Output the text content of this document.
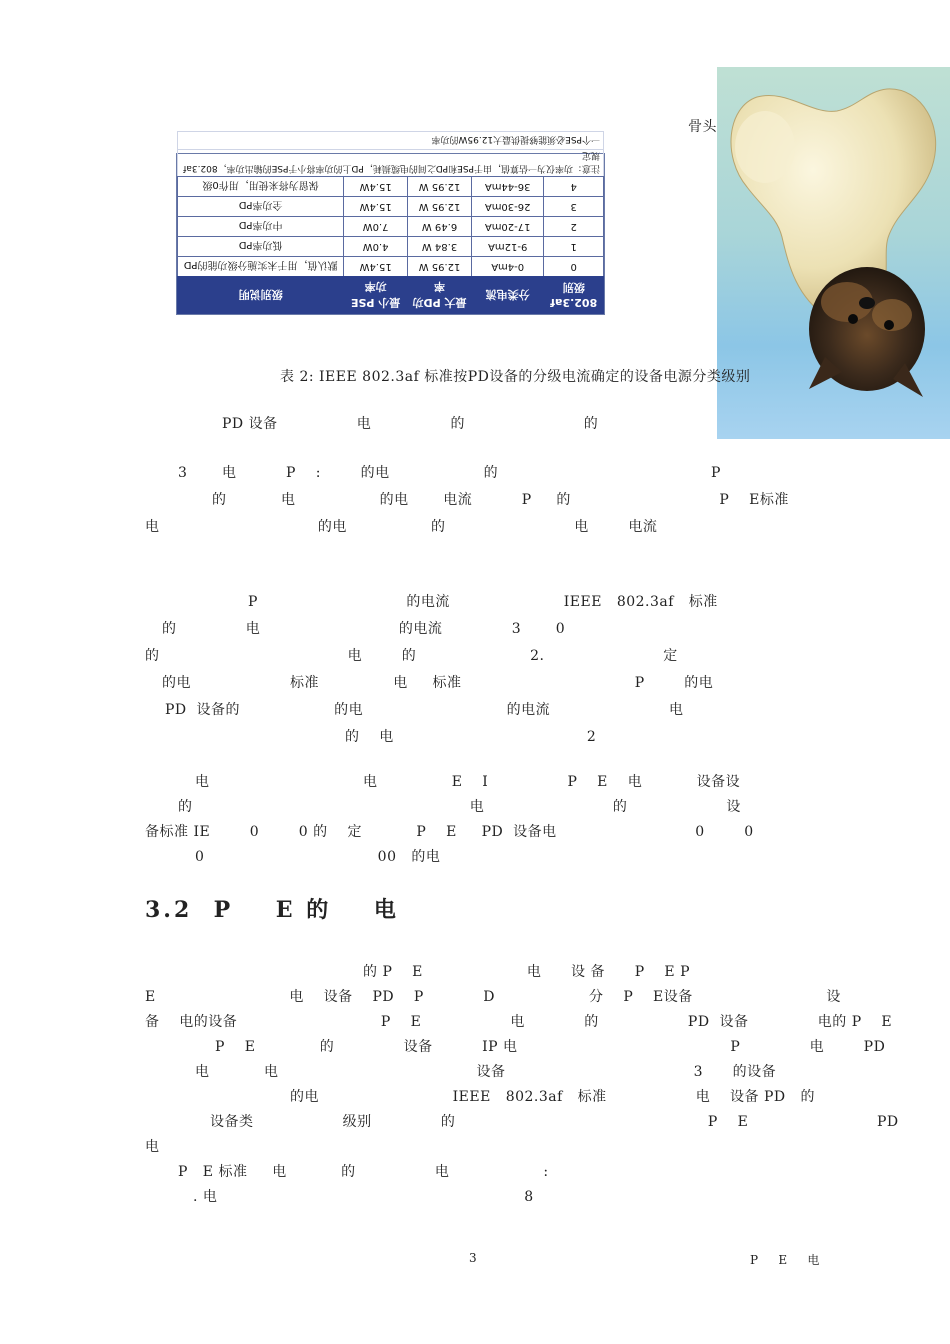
骨头
802.3af 级别	分类电流	最大 PD功率	最小 PSE功率	级别说明
0	0-4mA	12.95 W	15.4W	默认值，用于未实施分级功能的PD
1	9-12mA	3.84 W	4.0W	低功率PD
2	17-20mA	6.49 W	7.0W	中功率PD
3	26-30mA	12.95 W	15.4W	全功率PD
4	36-44mA	12.95 W	15.4W	保留为将来使用，用作0级
注意：功率仅为一估算值，由于PSE和PD之间的电缆损耗，PD上的功率将小于PSE的输出功率，802.3af规定				
一个PSE必须能够提供最大12.95W的功率				
表 2: IEEE 802.3af 标准按PD设备的分级电流确定的设备电源分类级别
PD 设备                电                的                        的
3       电          P    :        的电                   的                                           P
的           电                 的电       电流          P     的                              P    E标准
电                                的电                 的                          电        电流
P                              的电流                       IEEE   802.3af   标准
的              电                            的电流              3       0
的                                      电        的                       2.                        定
的电                    标准               电     标准                                   P        的电
PD  设备的                   的电                             的电流                        电
的    电                                       2
电                               电               E    I                P    E    电           设备设
的                                                        电                          的                    设
备标准 IE        0        0 的    定           P    E     PD  设备电                            0        0
0                                   00   的电
3.2  P    E 的    电
的 P    E                     电      设 备      P    E P
E                           电    设备    PD    P            D                   分    P    E设备                           设
备    电的设备                             P    E                  电            的                  PD  设备              电的 P    E
P    E             的              设备          IP 电                                           P              电        PD
电           电                                        设备                                      3      的设备
的电                           IEEE   802.3af   标准                  电    设备 PD   的
设备类                  级别              的                                                   P    E                          PD
电
P   E 标准     电           的                电                   :
. 电                                                              8
3	P    E    电
